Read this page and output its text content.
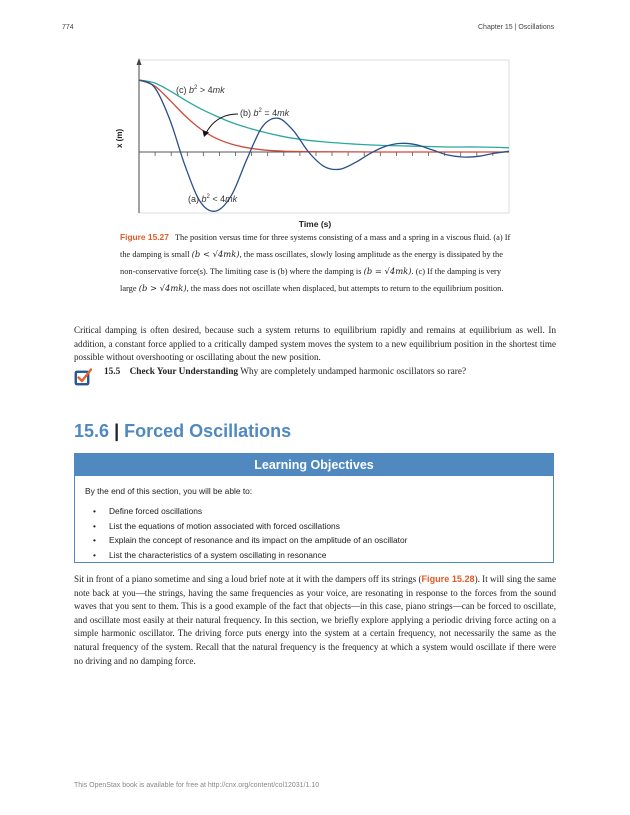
774	Chapter 15 | Oscillations
x (m)
Time (s)
(c) $b^2 > 4mk$
(b) $b^2 = 4mk$
(a) $b^2 < 4mk$
Figure 15.27 The position versus time for three systems consisting of a mass and a spring in a viscous fluid. (a) If the damping is small (b < √4mk), the mass oscillates, slowly losing amplitude as the energy is dissipated by the non-conservative force(s). The limiting case is (b) where the damping is (b = √4mk). (c) If the damping is very large (b > √4mk), the mass does not oscillate when displaced, but attempts to return to the equilibrium position.

Critical damping is often desired, because such a system returns to equilibrium rapidly and remains at equilibrium as well. In addition, a constant force applied to a critically damped system moves the system to a new equilibrium position in the shortest time possible without overshooting or oscillating about the new position.

15.5 Check Your Understanding Why are completely undamped harmonic oscillators so rare?
15.6 | Forced Oscillations
Learning Objectives
By the end of this section, you will be able to:
• Define forced oscillations
• List the equations of motion associated with forced oscillations
• Explain the concept of resonance and its impact on the amplitude of an oscillator
• List the characteristics of a system oscillating in resonance

Sit in front of a piano sometime and sing a loud brief note at it with the dampers off its strings (Figure 15.28). It will sing the same note back at you—the strings, having the same frequencies as your voice, are resonating in response to the forces from the sound waves that you sent to them. This is a good example of the fact that objects—in this case, piano strings—can be forced to oscillate, and oscillate most easily at their natural frequency. In this section, we briefly explore applying a periodic driving force acting on a simple harmonic oscillator. The driving force puts energy into the system at a certain frequency, not necessarily the same as the natural frequency of the system. Recall that the natural frequency is the frequency at which a system would oscillate if there were no driving and no damping force.

This OpenStax book is available for free at http://cnx.org/content/col12031/1.10
